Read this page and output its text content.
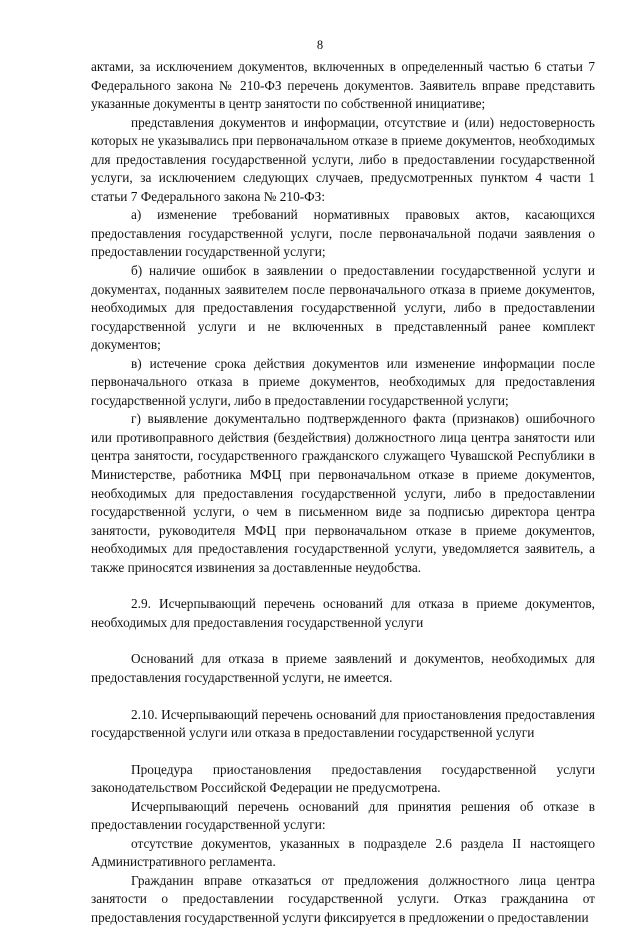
8

актами, за исключением документов, включенных в определенный частью 6 статьи 7 Федерального закона № 210-ФЗ перечень документов. Заявитель вправе представить указанные документы в центр занятости по собственной инициативе;

представления документов и информации, отсутствие и (или) недостоверность которых не указывались при первоначальном отказе в приеме документов, необходимых для предоставления государственной услуги, либо в предоставлении государственной услуги, за исключением следующих случаев, предусмотренных пунктом 4 части 1 статьи 7 Федерального закона № 210-ФЗ:

а) изменение требований нормативных правовых актов, касающихся предоставления государственной услуги, после первоначальной подачи заявления о предоставлении государственной услуги;

б) наличие ошибок в заявлении о предоставлении государственной услуги и документах, поданных заявителем после первоначального отказа в приеме документов, необходимых для предоставления государственной услуги, либо в предоставлении государственной услуги и не включенных в представленный ранее комплект документов;

в) истечение срока действия документов или изменение информации после первоначального отказа в приеме документов, необходимых для предоставления государственной услуги, либо в предоставлении государственной услуги;

г) выявление документально подтвержденного факта (признаков) ошибочного или противоправного действия (бездействия) должностного лица центра занятости или центра занятости, государственного гражданского служащего Чувашской Республики в Министерстве, работника МФЦ при первоначальном отказе в приеме документов, необходимых для предоставления государственной услуги, либо в предоставлении государственной услуги, о чем в письменном виде за подписью директора центра занятости, руководителя МФЦ при первоначальном отказе в приеме документов, необходимых для предоставления государственной услуги, уведомляется заявитель, а также приносятся извинения за доставленные неудобства.

2.9. Исчерпывающий перечень оснований для отказа в приеме документов, необходимых для предоставления государственной услуги

Оснований для отказа в приеме заявлений и документов, необходимых для предоставления государственной услуги, не имеется.

2.10. Исчерпывающий перечень оснований для приостановления предоставления государственной услуги или отказа в предоставлении государственной услуги

Процедура приостановления предоставления государственной услуги законодательством Российской Федерации не предусмотрена.

Исчерпывающий перечень оснований для принятия решения об отказе в предоставлении государственной услуги:

отсутствие документов, указанных в подразделе 2.6 раздела II настоящего Административного регламента.

Гражданин вправе отказаться от предложения должностного лица центра занятости о предоставлении государственной услуги. Отказ гражданина от предоставления государственной услуги фиксируется в предложении о предоставлении
